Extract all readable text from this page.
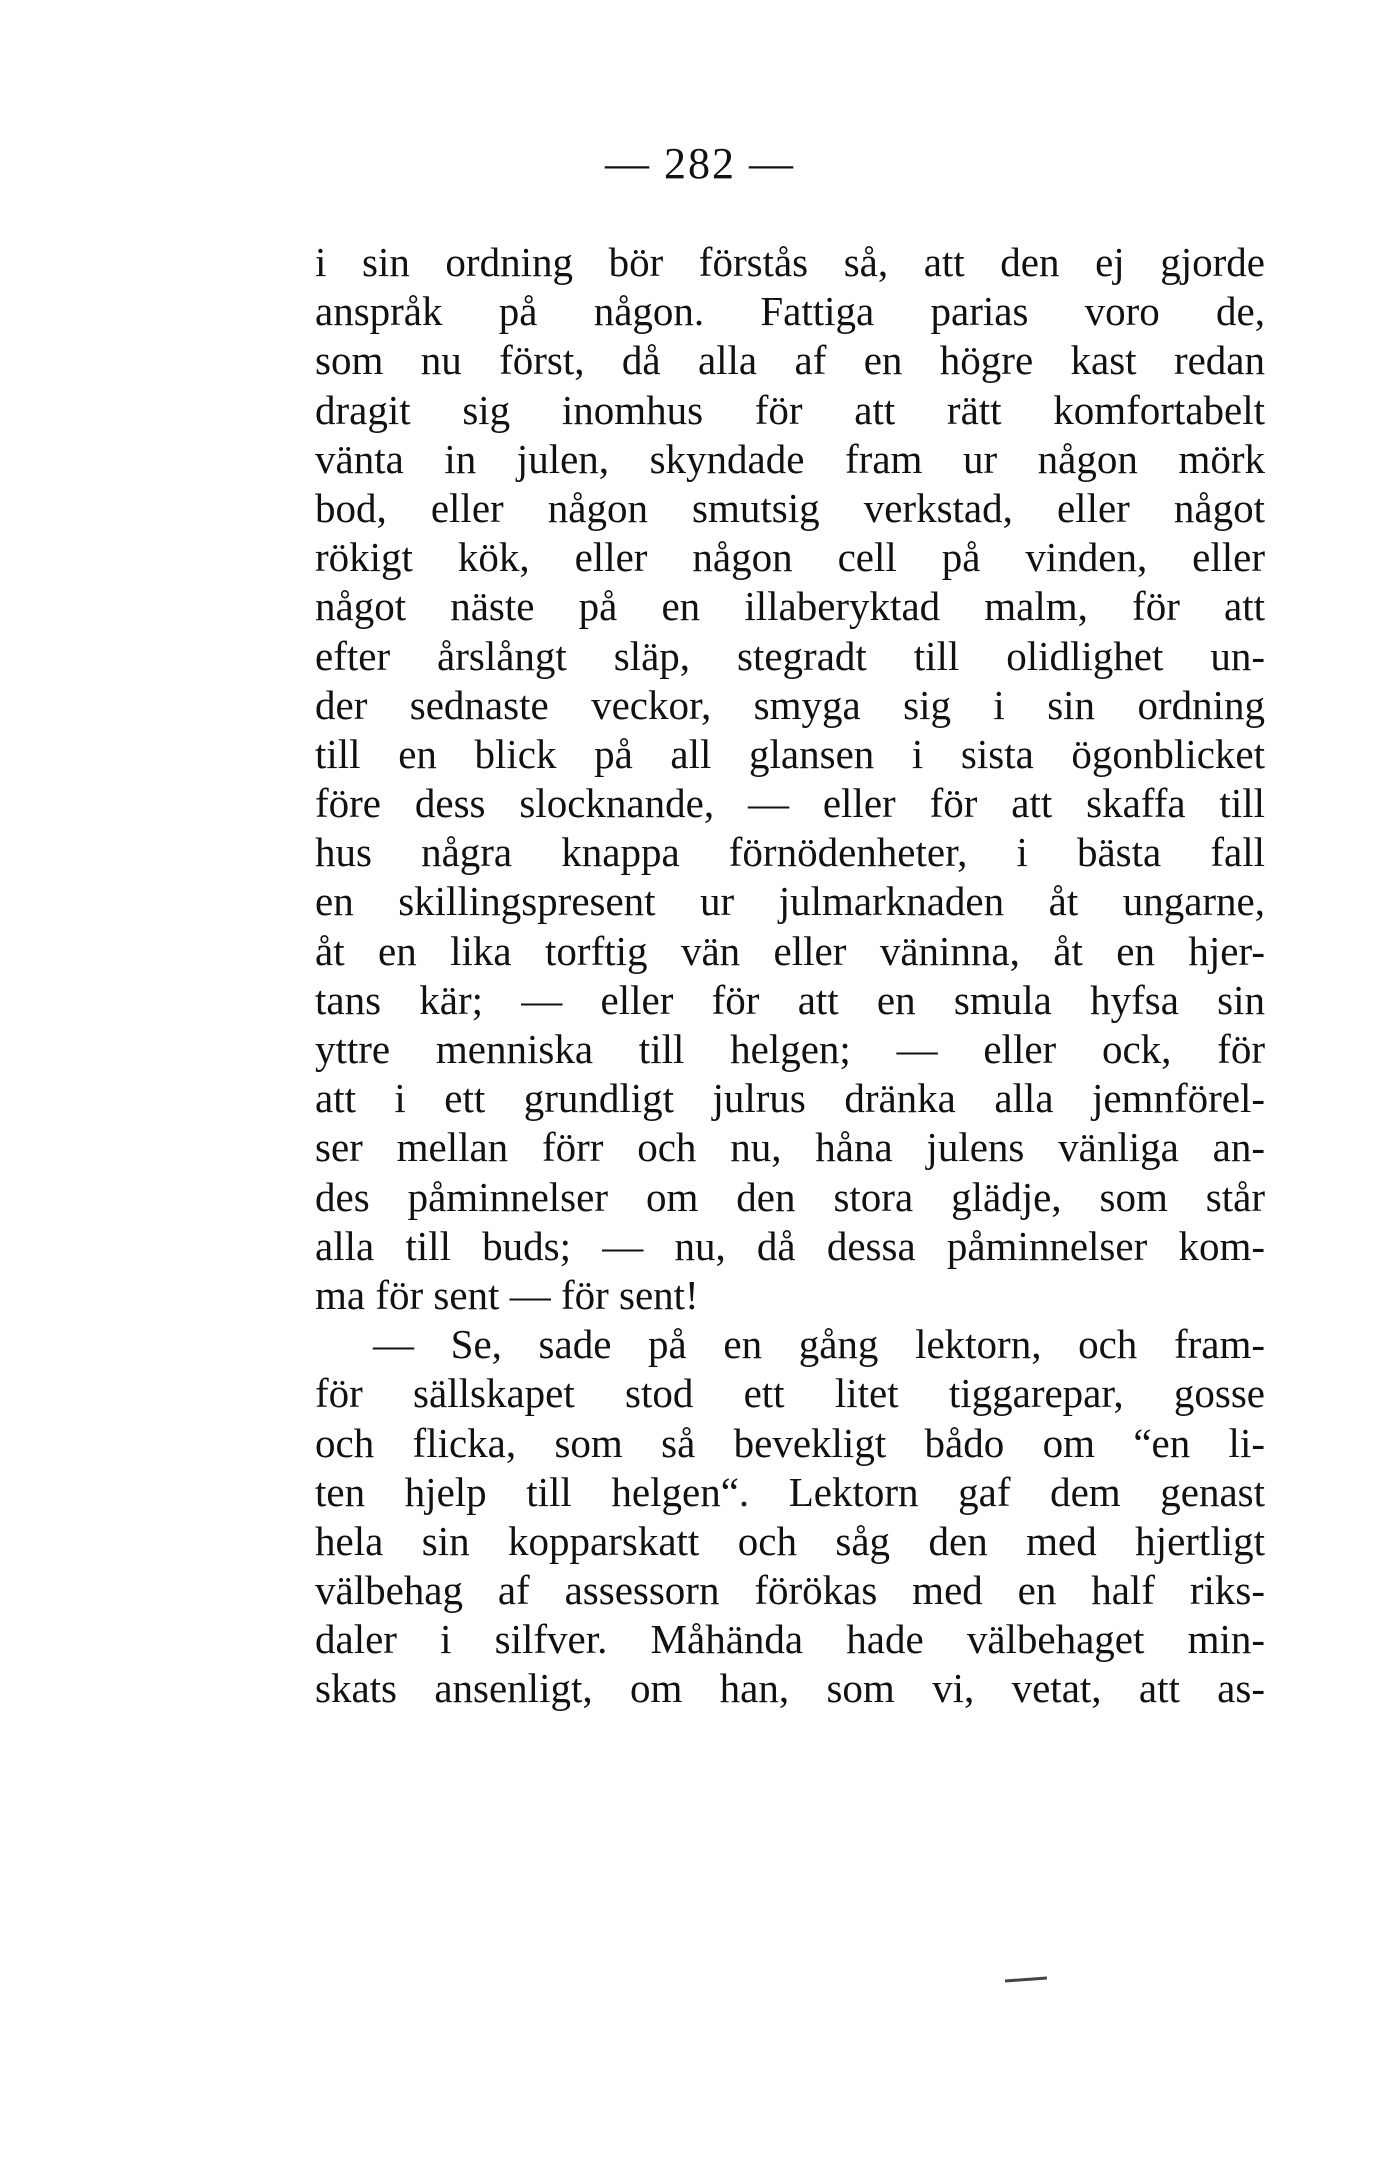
— 282 —
i sin ordning bör förstås så, att den ej gjorde
anspråk på någon. Fattiga parias voro de,
som nu först, då alla af en högre kast redan
dragit sig inomhus för att rätt komfortabelt
vänta in julen, skyndade fram ur någon mörk
bod, eller någon smutsig verkstad, eller något
rökigt kök, eller någon cell på vinden, eller
något näste på en illaberyktad malm, för att
efter årslångt släp, stegradt till olidlighet un-
der sednaste veckor, smyga sig i sin ordning
till en blick på all glansen i sista ögonblicket
före dess slocknande, — eller för att skaffa till
hus några knappa förnödenheter, i bästa fall
en skillingspresent ur julmarknaden åt ungarne,
åt en lika torftig vän eller väninna, åt en hjer-
tans kär; — eller för att en smula hyfsa sin
yttre menniska till helgen; — eller ock, för
att i ett grundligt julrus dränka alla jemnförel-
ser mellan förr och nu, håna julens vänliga an-
des påminnelser om den stora glädje, som står
alla till buds; — nu, då dessa påminnelser kom-
ma för sent — för sent!
— Se, sade på en gång lektorn, och fram-
för sällskapet stod ett litet tiggarepar, gosse
och flicka, som så bevekligt bådo om “en li-
ten hjelp till helgen“. Lektorn gaf dem genast
hela sin kopparskatt och såg den med hjertligt
välbehag af assessorn förökas med en half riks-
daler i silfver. Måhända hade välbehaget min-
skats ansenligt, om han, som vi, vetat, att as-
